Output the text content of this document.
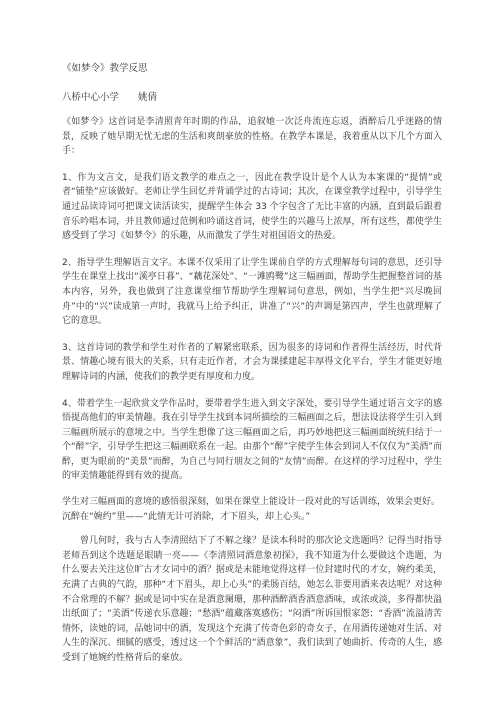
《如梦令》教学反思

八桥中心小学　　姚倩

《如梦令》这首词是李清照青年时期的作品，追叙她一次泛舟流连忘返，酒醉后几乎迷路的情景，反映了她早期无忧无虑的生活和爽朗豪放的性格。在教学本课是，我着重从以下几个方面入手：

1、作为文言文，是我们语文教学的难点之一，因此在教学设计是个人认为本案课的“提情”或者“铺垫”应该做好。老师让学生回忆并背诵学过的古诗词；其次，在课堂教学过程中，引导学生通过品读诗词可把课文读活读实，提醒学生体会 33 个字包含了无比丰富的内涵，直到最后跟着音乐吟唱本词，并且教师通过范例和吟诵这首词，使学生的兴趣马上浓厚，所有这些，都使学生感受到了学习《如梦令》的乐趣，从而激发了学生对祖国语文的热爱。

2、指导学生理解语言文字。本课不仅采用了让学生课前自学的方式理解每句词的意思，还引导学生在课堂上找出“溪亭日暮”、“藕花深处”、“一滩鸥鹭”这三幅画面，帮助学生把握整首词的基本内容，另外，我也做到了注意课堂细节帮助学生理解词句意思，例如，当学生把“兴尽晚回舟”中的“兴”读成第一声时，我就马上给予纠正，讲准了“兴”的声调是第四声，学生也就理解了它的意思。

3、这首诗词的教学和学生对作者的了解紧密联系，因为很多的诗词和作者得生活经历，时代背景、情趣心境有很大的关系，只有走近作者，才会为课揉建起丰厚得文化平台，学生才能更好地理解诗词的内涵，使我们的教学更有厚度和力度。

4、带着学生一起欣赏文学作品时，要带着学生进入到文字深处，要引导学生通过语言文字的感悟提高他们的审美情趣。我在引导学生找到本词所描绘的三幅画面之后，想法设法将学生引入到三幅画所展示的意境之中。当学生想像了这三幅画面之后，再巧妙地把这三幅画面统统归结于一个“醉”字，引导学生把这三幅画联系在一起。由那个“醉”字使学生体会到词人不仅仅为“美酒”而醉，更为眼前的“美景”而醉，为自己与同行朋友之间的“友情”而醉。在这样的学习过程中，学生的审美情趣能得到有效的提高。

学生对三幅画面的意境的感悟很深刻，如果在课堂上能设计一段对此的写话训练，效果会更好。

沉醉在“婉约”里——“此情无计可消除，才下眉头，却上心头。”

曾几何时，我与古人李清照结下了不解之缘？是读本科时的那次论文选题吗？记得当时指导老师吾到这个选题是眼睛一亮——《李清照词酒意象初探》，我不知道为什么要做这个选题，为什么要去关注这位旷古才女词中的酒？据或是未能地觉得这样一位封建时代的才女，婉约柔美，充满了古典的气韵，那种“才下眉头，却上心头”的柔肠百结，她怎么非要用酒来表达呢？对这种不合常理的不解？据或是词中实在是酒意阑珊，那种酒醉酒香酒意酒味，或浓或淡，多得都快溢出纸面了；“美酒”传递衣乐意趣；“愁酒”蕴藏落寞感伤；“闷酒”所诉国恨家怨；“香酒”流溢清苦情怀，读她的词，品她词中的酒，发现这个充满了传奇色彩的奇女子，在用酒传递她对生活、对人生的深沉、细腻的感受，透过这一个个鲜活的“酒意象”，我们读到了她曲折、传奇的人生，感受到了她婉约性格背后的豪放。
